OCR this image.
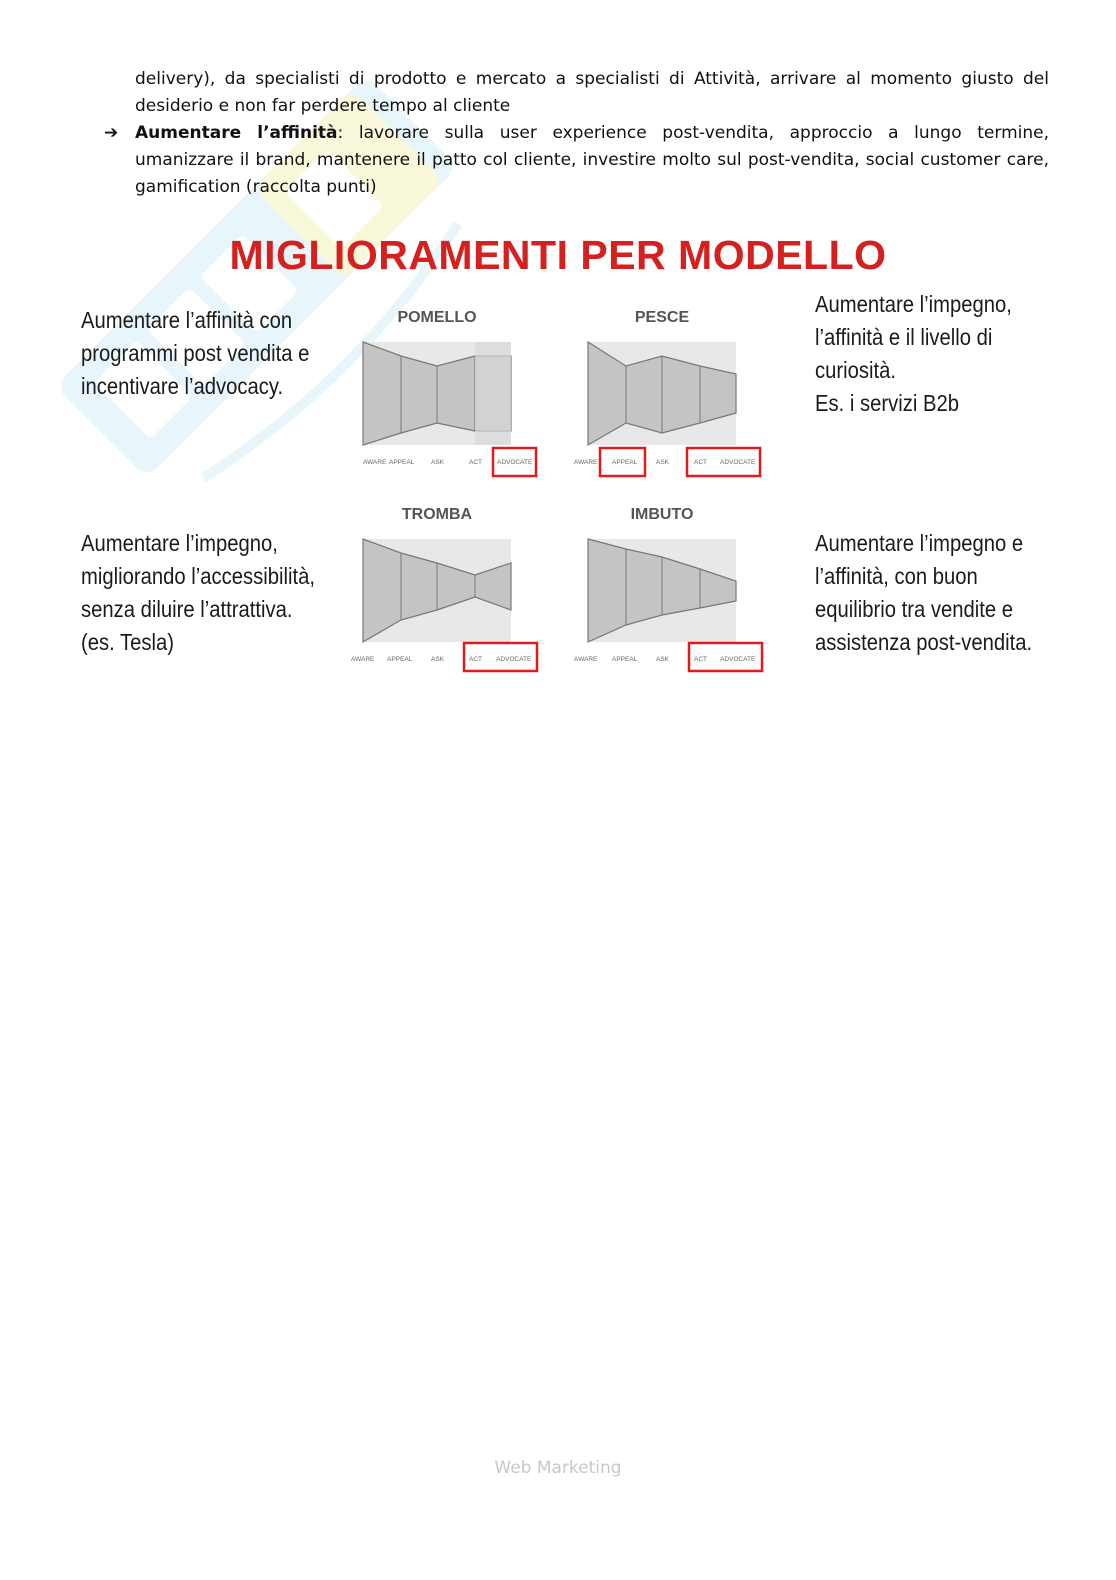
delivery), da specialisti di prodotto e mercato a specialisti di Attività, arrivare al momento giusto del desiderio e non far perdere tempo al cliente
➔ Aumentare l’affinità: lavorare sulla user experience post-vendita, approccio a lungo termine, umanizzare il brand, mantenere il patto col cliente, investire molto sul post-vendita, social customer care, gamification (raccolta punti)
MIGLIORAMENTI PER MODELLO
Aumentare l’affinità con programmi post vendita e incentivare l’advocacy.
Aumentare l’impegno, l’affinità e il livello di curiosità.
Es. i servizi B2b
Aumentare l’impegno, migliorando l’accessibilità, senza diluire l’attrattiva.
(es. Tesla)
Aumentare l’impegno e l’affinità, con buon equilibrio tra vendite e assistenza post-vendita.
POMELLO
AWARE APPEAL	ASK	ACT ADVOCATE
PESCE
AWARE APPEAL	ASK	ACT ADVOCATE
TROMBA
AWARE APPEAL	ASK	ACT ADVOCATE
IMBUTO
AWARE APPEAL	ASK	ACT ADVOCATE
Web Marketing
